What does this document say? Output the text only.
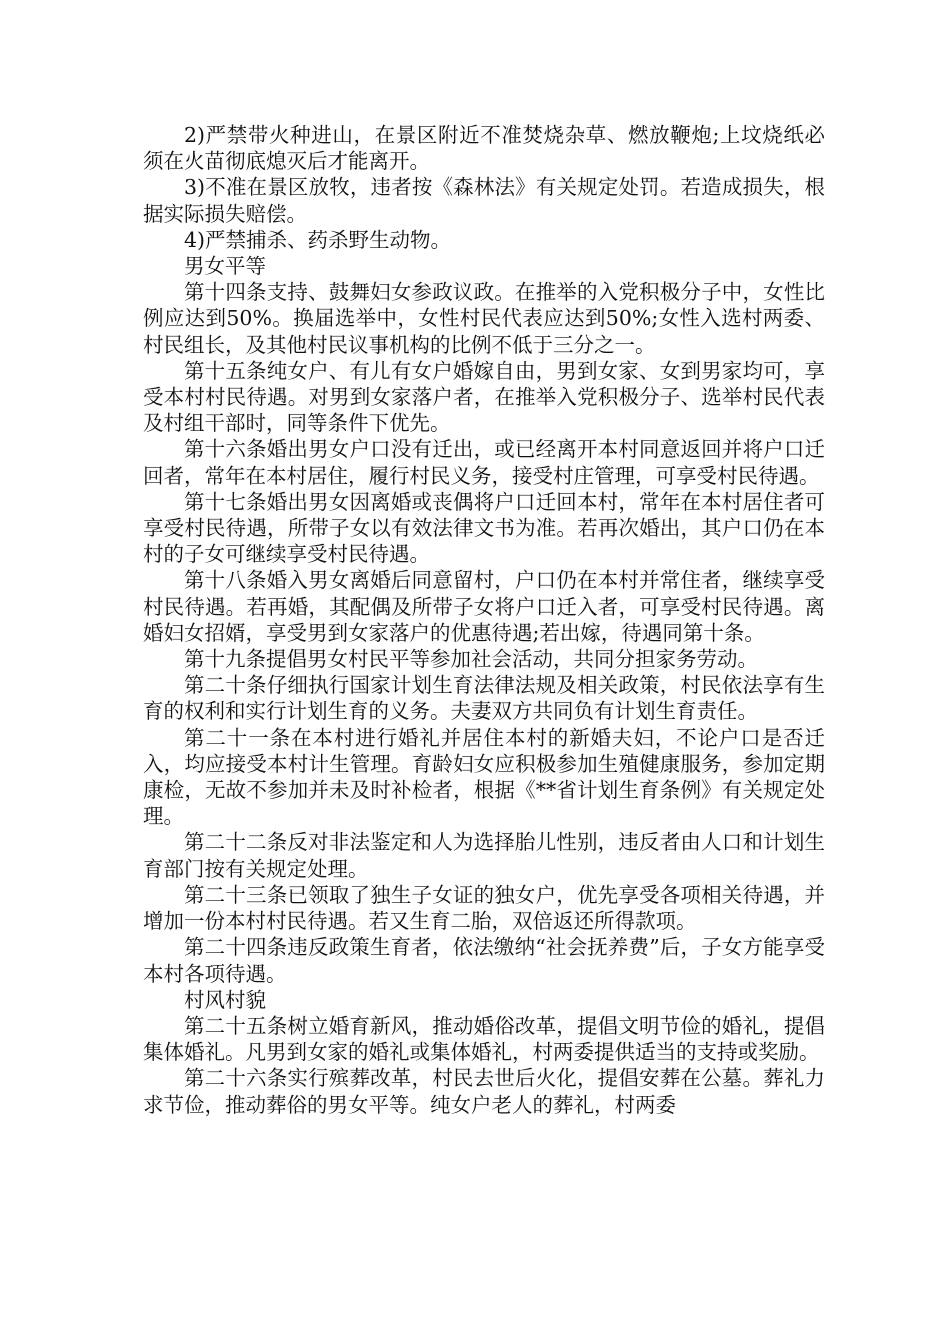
2)严禁带火种进山，在景区附近不准焚烧杂草、燃放鞭炮;上坟烧纸必须在火苗彻底熄灭后才能离开。

3)不准在景区放牧，违者按《森林法》有关规定处罚。若造成损失，根据实际损失赔偿。

4)严禁捕杀、药杀野生动物。

男女平等

第十四条支持、鼓舞妇女参政议政。在推举的入党积极分子中，女性比例应达到50%。换届选举中，女性村民代表应达到50%;女性入选村两委、村民组长，及其他村民议事机构的比例不低于三分之一。

第十五条纯女户、有儿有女户婚嫁自由，男到女家、女到男家均可，享受本村村民待遇。对男到女家落户者，在推举入党积极分子、选举村民代表及村组干部时，同等条件下优先。

第十六条婚出男女户口没有迁出，或已经离开本村同意返回并将户口迁回者，常年在本村居住，履行村民义务，接受村庄管理，可享受村民待遇。

第十七条婚出男女因离婚或丧偶将户口迁回本村，常年在本村居住者可享受村民待遇，所带子女以有效法律文书为准。若再次婚出，其户口仍在本村的子女可继续享受村民待遇。

第十八条婚入男女离婚后同意留村，户口仍在本村并常住者，继续享受村民待遇。若再婚，其配偶及所带子女将户口迁入者，可享受村民待遇。离婚妇女招婿，享受男到女家落户的优惠待遇;若出嫁，待遇同第十条。

第十九条提倡男女村民平等参加社会活动，共同分担家务劳动。

第二十条仔细执行国家计划生育法律法规及相关政策，村民依法享有生育的权利和实行计划生育的义务。夫妻双方共同负有计划生育责任。

第二十一条在本村进行婚礼并居住本村的新婚夫妇，不论户口是否迁入，均应接受本村计生管理。育龄妇女应积极参加生殖健康服务，参加定期康检，无故不参加并未及时补检者，根据《**省计划生育条例》有关规定处理。

第二十二条反对非法鉴定和人为选择胎儿性别，违反者由人口和计划生育部门按有关规定处理。

第二十三条已领取了独生子女证的独女户，优先享受各项相关待遇，并增加一份本村村民待遇。若又生育二胎，双倍返还所得款项。

第二十四条违反政策生育者，依法缴纳“社会抚养费”后，子女方能享受本村各项待遇。

村风村貌

第二十五条树立婚育新风，推动婚俗改革，提倡文明节俭的婚礼，提倡集体婚礼。凡男到女家的婚礼或集体婚礼，村两委提供适当的支持或奖励。

第二十六条实行殡葬改革，村民去世后火化，提倡安葬在公墓。葬礼力求节俭，推动葬俗的男女平等。纯女户老人的葬礼，村两委
